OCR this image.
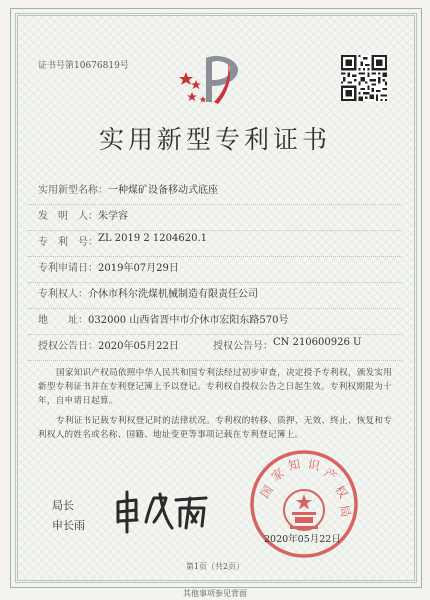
证书号第10676819号
实用新型专利证书
实用新型名称： 一种煤矿设备移动式底座
发　明　人： 朱学容
专　利　号： ZL 2019 2 1204620.1
专利申请日： 2019年07月29日
专利权人： 介休市科尔洗煤机械制造有限责任公司
地　　址： 032000 山西省晋中市介休市宏阳东路570号
授权公告日： 2020年05月22日	授权公告号： CN 210600926 U
国家知识产权局依照中华人民共和国专利法经过初步审查，决定授予专利权，颁发实用新型专利证书并在专利登记簿上予以登记。专利权自授权公告之日起生效。专利权期限为十年，自申请日起算。
专利证书记载专利权登记时的法律状况。专利权的转移、质押、无效、终止、恢复和专利权人的姓名或名称、国籍、地址变更等事项记载在专利登记簿上。
局长
申长雨
国
家
知 识
产
权
局
2020年05月22日
第1页（共2页）
其他事项参见背面
